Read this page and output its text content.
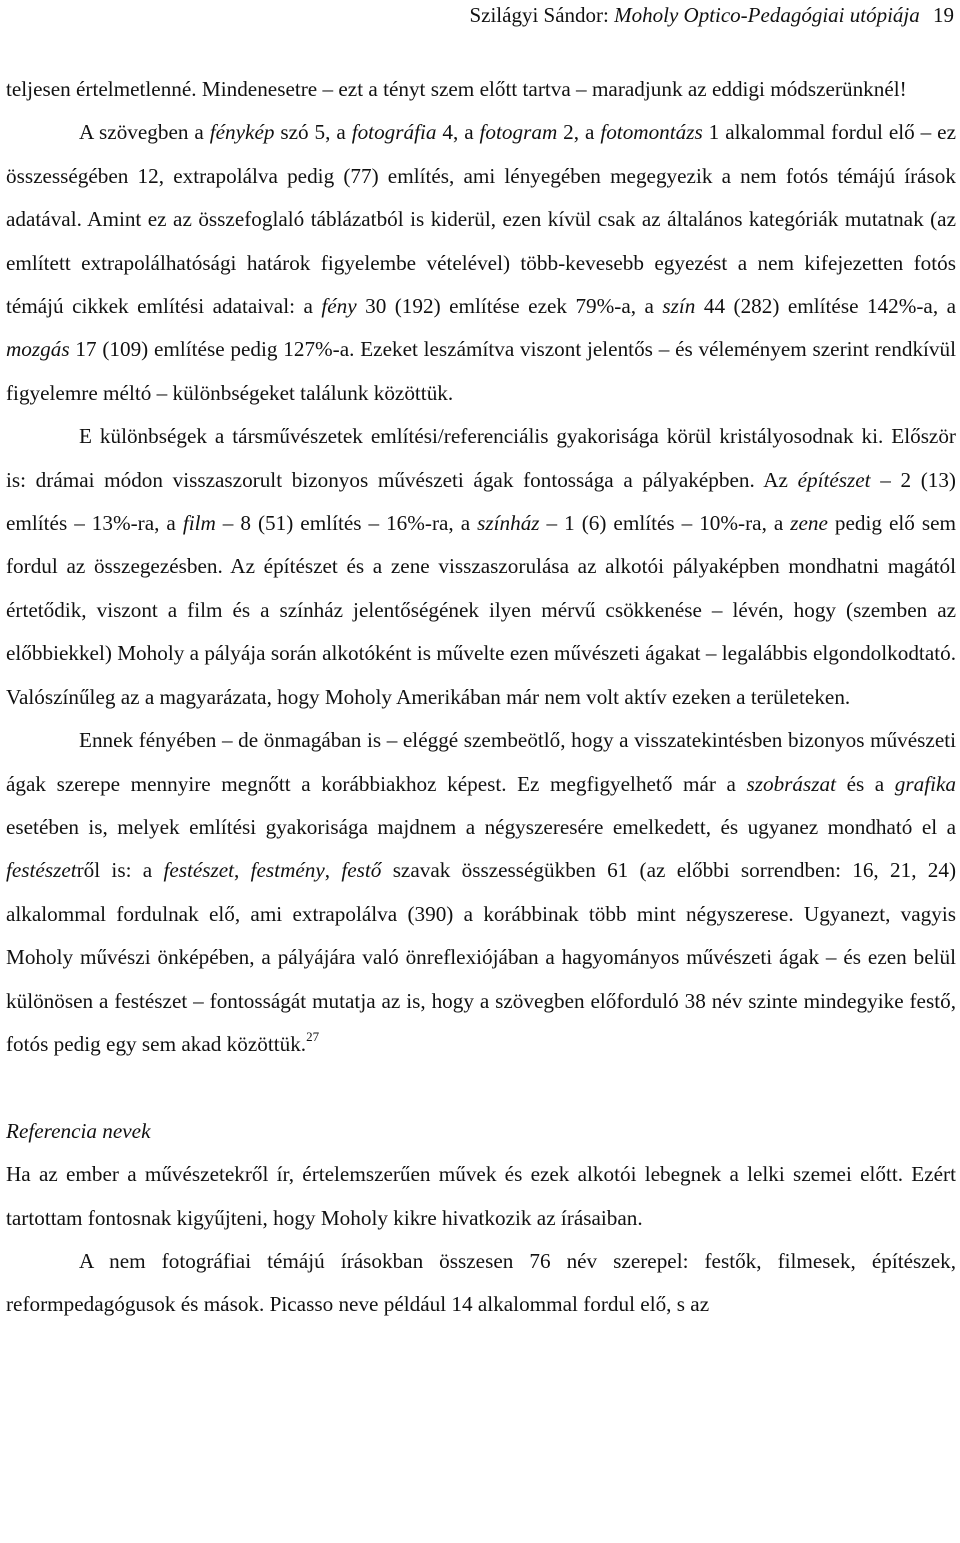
Szilágyi Sándor: Moholy Optico-Pedagógiai utópiája 19

teljesen értelmetlenné. Mindenesetre – ezt a tényt szem előtt tartva – maradjunk az eddigi módszerünknél!

A szövegben a fénykép szó 5, a fotográfia 4, a fotogram 2, a fotomontázs 1 alkalommal fordul elő – ez összességében 12, extrapolálva pedig (77) említés, ami lényegében megegyezik a nem fotós témájú írások adatával. Amint ez az összefoglaló táblázatból is kiderül, ezen kívül csak az általános kategóriák mutatnak (az említett extrapolálhatósági határok figyelembe vételével) több-kevesebb egyezést a nem kifejezetten fotós témájú cikkek említési adataival: a fény 30 (192) említése ezek 79%-a, a szín 44 (282) említése 142%-a, a mozgás 17 (109) említése pedig 127%-a. Ezeket leszámítva viszont jelentős – és véleményem szerint rendkívül figyelemre méltó – különbségeket találunk közöttük.

E különbségek a társművészetek említési/referenciális gyakorisága körül kristályosodnak ki. Először is: drámai módon visszaszorult bizonyos művészeti ágak fontossága a pályaképben. Az építészet – 2 (13) említés – 13%-ra, a film – 8 (51) említés – 16%-ra, a színház – 1 (6) említés – 10%-ra, a zene pedig elő sem fordul az összegezésben. Az építészet és a zene visszaszorulása az alkotói pályaképben mondhatni magától értetődik, viszont a film és a színház jelentőségének ilyen mérvű csökkenése – lévén, hogy (szemben az előbbiekkel) Moholy a pályája során alkotóként is művelte ezen művészeti ágakat – legalábbis elgondolkodtató. Valószínűleg az a magyarázata, hogy Moholy Amerikában már nem volt aktív ezeken a területeken.

Ennek fényében – de önmagában is – eléggé szembeötlő, hogy a visszatekintésben bizonyos művészeti ágak szerepe mennyire megnőtt a korábbiakhoz képest. Ez megfigyelhető már a szobrászat és a grafika esetében is, melyek említési gyakorisága majdnem a négyszeresére emelkedett, és ugyanez mondható el a festészetről is: a festészet, festmény, festő szavak összességükben 61 (az előbbi sorrendben: 16, 21, 24) alkalommal fordulnak elő, ami extrapolálva (390) a korábbinak több mint négyszerese. Ugyanezt, vagyis Moholy művészi önképében, a pályájára való önreflexiójában a hagyományos művészeti ágak – és ezen belül különösen a festészet – fontosságát mutatja az is, hogy a szövegben előforduló 38 név szinte mindegyike festő, fotós pedig egy sem akad közöttük.$^{27}$

Referencia nevek

Ha az ember a művészetekről ír, értelemszerűen művek és ezek alkotói lebegnek a lelki szemei előtt. Ezért tartottam fontosnak kigyűjteni, hogy Moholy kikre hivatkozik az írásaiban.

A nem fotográfiai témájú írásokban összesen 76 név szerepel: festők, filmesek, építészek, reformpedagógusok és mások. Picasso neve például 14 alkalommal fordul elő, s az
